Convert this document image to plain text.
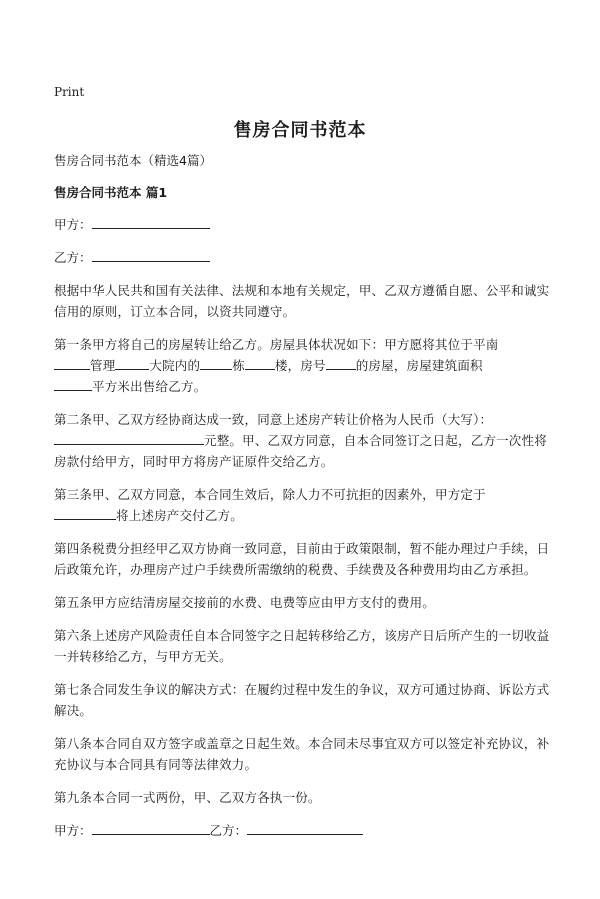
Print
售房合同书范本

售房合同书范本（精选4篇）

售房合同书范本 篇1

甲方：

乙方：

根据中华人民共和国有关法律、法规和本地有关规定，甲、乙双方遵循自愿、公平和诚实信用的原则，订立本合同，以资共同遵守。

第一条甲方将自己的房屋转让给乙方。房屋具体状况如下：甲方愿将其位于平南
管理	大院内的	栋 楼，房号 的房屋，房屋建筑面积
平方米出售给乙方。

第二条甲、乙双方经协商达成一致，同意上述房产转让价格为人民币（大写）：
元整。甲、乙双方同意，自本合同签订之日起，乙方一次性将房款付给甲方，同时甲方将房产证原件交给乙方。

第三条甲、乙双方同意，本合同生效后，除人力不可抗拒的因素外，甲方定于
将上述房产交付乙方。

第四条税费分担经甲乙双方协商一致同意，目前由于政策限制，暂不能办理过户手续，日后政策允许，办理房产过户手续费所需缴纳的税费、手续费及各种费用均由乙方承担。

第五条甲方应结清房屋交接前的水费、电费等应由甲方支付的费用。

第六条上述房产风险责任自本合同签字之日起转移给乙方，该房产日后所产生的一切收益一并转移给乙方，与甲方无关。

第七条合同发生争议的解决方式：在履约过程中发生的争议，双方可通过协商、诉讼方式解决。

第八条本合同自双方签字或盖章之日起生效。本合同未尽事宜双方可以签定补充协议，补充协议与本合同具有同等法律效力。

第九条本合同一式两份，甲、乙双方各执一份。

甲方：	乙方：
